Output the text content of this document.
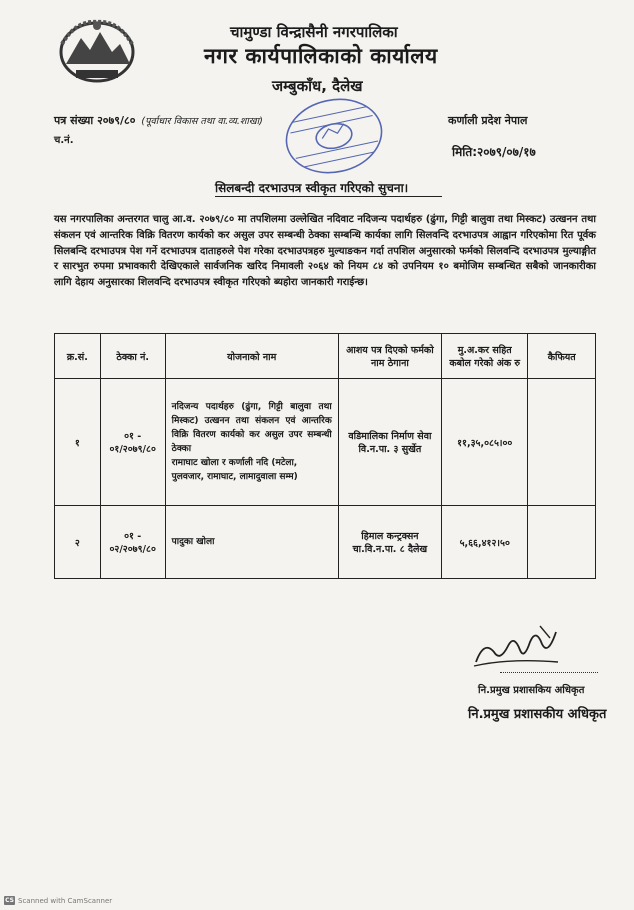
चामुण्डा विन्द्रासैनी नगरपालिका
नगर कार्यपालिकाको कार्यालय
जम्बुकाँध, दैलेख
पत्र संख्या २०७९/८० (पूर्वाधार विकास तथा वा.व्य.शाखा)
च.नं.
कर्णाली प्रदेश नेपाल
मिति:२०७९/०७/१७
सिलबन्दी दरभाउपत्र स्वीकृत गरिएको सुचना।
यस नगरपालिका अन्तरगत चालु आ.व. २०७९/८० मा तपशिलमा उल्लेखित नदिवाट नदिजन्य पदार्थहरु (ढुंगा, गिट्टी बालुवा तथा मिस्कट) उत्खनन तथा संकलन एवं आन्तरिक विक्रि वितरण कार्यको कर असुल उपर सम्बन्धी ठेक्का सम्बन्धि कार्यका लागि सिलवन्दि दरभाउपत्र आह्वान गरिएकोमा रित पूर्वक सिलबन्दि दरभाउपत्र पेश गर्ने दरभाउपत्र दाताहरुले पेश गरेका दरभाउपत्रहरु मुल्याङकन गर्दा तपशिल अनुसारको फर्मको सिलवन्दि दरभाउपत्र मुल्याङ्गीत र सारभुत रुपमा प्रभावकारी देखिएकाले सार्वजनिक खरिद निमावली २०६४ को नियम ८४ को उपनियम १० बमोजिम सम्बन्धित सबैको जानकारीका लागि देहाय अनुसारका शिलवन्दि दरभाउपत्र स्वीकृत गरिएको ब्यहोरा जानकारी गराईन्छ।
क्र.सं.	ठेक्का नं.	योजनाको नाम	आशय पत्र दिएको फर्मको नाम ठेगाना	मु.अ.कर सहित कबोल गरेको अंक रु	कैफियत
१	०१ - ०१/२०७९/८०	नदिजन्य पदार्थहरु (ढुंगा, गिट्टी बालुवा तथा मिस्कट) उत्खनन तथा संकलन एवं आन्तरिक विक्रि वितरण कार्यको कर असुल उपर सम्बन्धी ठेक्का
रामाघाट खोला र कर्णाली नदि (मटेला, पुलवजार, रामाघाट, लामादुवाला सम्म)	वडिमालिका निर्माण सेवा वि.न.पा. ३ सुर्खेत	११,३५,०८५।००	
२	०१ - ०२/२०७९/८०	पादुका खोला	हिमाल कन्ट्रक्सन चा.वि.न.पा. ८ दैलेख	५,६६,४१२।५०	
नि.प्रमुख प्रशासकिय अधिकृत
नि.प्रमुख प्रशासकीय अधिकृत
CS Scanned with CamScanner
